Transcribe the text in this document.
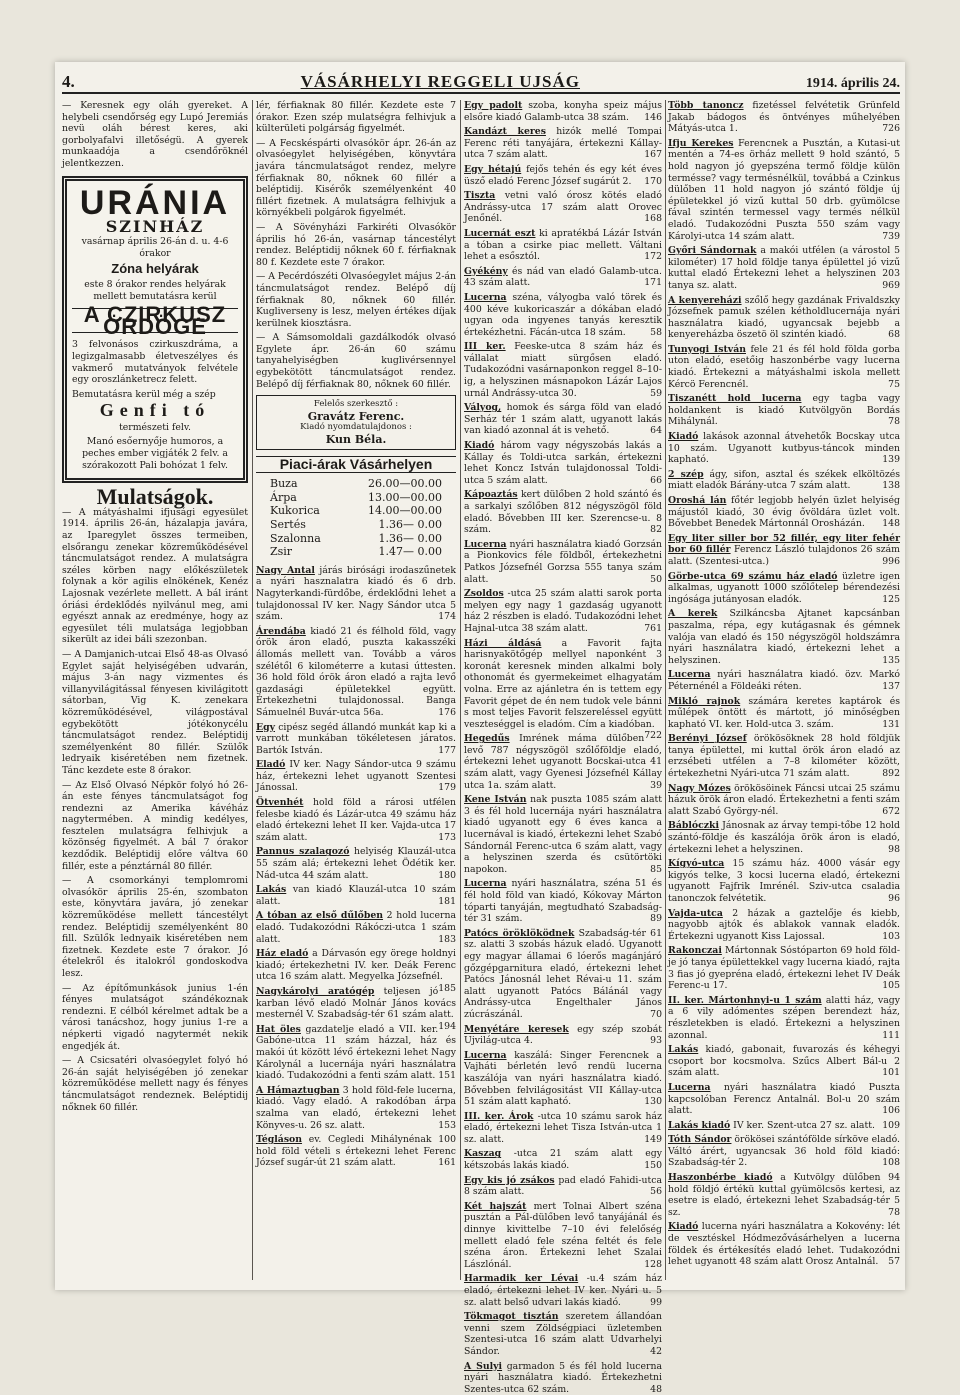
4.	VÁSÁRHELYI REGGELI UJSÁG	1914. április 24.

— Keresnek egy oláh gyereket. A helybeli csendőrség egy Lupó Jeremiás nevü oláh bérest keres, aki gorbolyafalvi illetőségü. A gyerek munkaadója a csendőröknél jelentkezzen.

URÁNIA
SZINHÁZ

vasárnap április 26-án d. u. 4-6 órakor

Zóna helyárak

este 8 órakor rendes helyárak mellett bemutatásra kerül

A CZIRKUSZ ÖRDÖGE

3 felvonásos czirkuszdráma, a legizgalmasabb életveszélyes és vakmerő mutatványok felvétele egy oroszlánketrecz felett.

Bemutatásra kerül még a szép

Genfi tó

természeti felv.

Manó esőernyője humoros, a peches ember vigjáték 2 felv. a szórakozott Pali bohózat 1 felv.

Mulatságok.

— A mátyáshalmi ifjusági egyesület 1914. április 26-án, házalapja javára, az Iparegylet összes termeiben, elsőrangu zenekar közreműködésével táncmulatságot rendez. A mulatságra széles körben nagy előkészületek folynak a kör agilis elnökének, Kenéz Lajosnak vezérlete mellett. A bál iránt óriási érdeklődés nyilvánul meg, ami egyészt annak az eredménye, hogy az egyesület téli mulatsága legjobban sikerült az idei báli szezonban.

— A Damjanich-utcai Első 48-as Olvasó Egylet saját helyiségében udvarán, május 3-án nagy vizmentes és villanyvilágitással fényesen kivilágitott sátorban, Vig K. zenekara közreműködésével, világpostával egybekötött jótékonycélu táncmulatságot rendez. Beléptidij személyenként 80 fillér. Szülők ledryaik kiséretében nem fizetnek. Tánc kezdete este 8 órakor.

— Az Első Olvasó Népkör folyó hó 26-án este fényes táncmulatságot fog rendezni az Amerika kávéház nagytermében. A mindig kedélyes, fesztelen mulatságra felhivjuk a közönség figyelmét. A bál 7 órakor kezdődik. Beléptidij előre váltva 60 fillér, este a pénztárnál 80 fillér.

— A csomorkányi templomromi olvasókör április 25-én, szombaton este, könyvtára javára, jó zenekar közreműködése mellett táncestélyt rendez. Beléptidij személyenként 80 fill. Szülők lednyaik kiséretében nem fizetnek. Kezdete este 7 órakor. Jó ételekről és italokról gondoskodva lesz.

— Az építőmunkások junius 1-én fényes mulatságot szándékoznak rendezni. E célból kérelmet adtak be a városi tanácshoz, hogy junius 1-re a népkerti vigadó nagytermét nekik engedjék át.

— A Csicsatéri olvasóegylet folyó hó 26-án saját helyiségében jó zenekar közreműködése mellett nagy és fényes táncmulatságot rendeznek. Beléptidij nőknek 60 fillér.

lér, férfiaknak 80 fillér. Kezdete este 7 órakor. Ezen szép mulatségra felhivjuk a külterületi polgárság figyelmét.

— A Fecskéspárti olvasókör ápr. 26-án az olvasóegylet helyiségében, könyvtára javára táncmulatságot rendez, melyre férfiaknak 80, nőknek 60 fillér a beléptidij. Kisérők személyenként 40 fillért fizetnek. A mulatságra felhivjuk a környékbeli polgárok figyelmét.

— A Sövényházi Farkiréti Olvasókör április hó 26-án, vasárnap táncestélyt rendez. Beléptidij nőknek 60 f. férfiaknak 80 f. Kezdete este 7 órakor.

— A Pecérdószéti Olvasóegylet május 2-án táncmulatságot rendez. Belépő díj férfiaknak 80, nőknek 60 fillér. Kugliverseny is lesz, melyen értékes díjak kerülnek kiosztásra.

— A Sámsomoldali gazdálkodók olvasó Egylete ápr. 26-án 60 számu tanyahelyiségben kuglivérsennyel egybekötött táncmulatságot rendez. Belépő díj férfiaknak 80, nőknek 60 fillér.

Felelős szerkesztő :
Gravátz Ferenc.
Kiadó nyomdatulajdonos :
Kun Béla.
Piaci-árak Vásárhelyen
Buza	26.00—00.00
Árpa	13.00—00.00
Kukorica	14.00—00.00
Sertés	1.36— 0.00
Szalonna	1.36— 0.00
Zsir	1.47— 0.00

Nagy Antal járás birósági irodaszűnetek a nyári hasznalatra kiadó és 6 drb. Nagyterkandi-fürdőbe, érdeklődni lehet a tulajdonossal IV ker. Nagy Sándor utca 5 szám.	174

Árendába kiadó 21 és félhold föld, vagy órök áron eladó, puszta kakasszéki állomás mellett van. Tovább a város szélétől 6 kilométerre a kutasi úttesten. 36 hold föld órök áron eladó a rajta levő gazdasági épületekkel együtt. Értekezhetni tulajdonossal. Banga Sámuelnél Buvár-utca 56a.	176

Egy cipész segéd állandó munkát kap ki a varrott munkában tökéletesen járatos. Bartók István.	177

Eladó IV ker. Nagy Sándor-utca 9 számu ház, értekezni lehet ugyanott Szentesi Jánossal.	179

Ötvenhét hold föld a rárosi utfélen felesbe kiadó és Lázár-utca 49 számu ház eladó értekezni lehet II ker. Vajda-utca 17 szám alatt.	173

Pannus szalagozó helyiség Klauzál-utca 55 szám alá; értekezni lehet Ödétik ker. Nád-utca 44 szám alatt.	180

Lakás van kiadó Klauzál-utca 10 szám alatt.	181

A tóban az első dűlőben 2 hold lucerna eladó. Tudakozódni Rákóczi-utca 1 szám alatt.	183

Ház eladó a Dárvasón egy örege holdnyi kiadó; értekezhetni IV. ker. Deák Ferenc utca 16 szám alatt. Megyelka Józsefnél.
185

Nagykárolyi aratógép teljesen jó karban lévő eladó Molnár János kovács mesternél V. Szabadság-tér 61 szám alatt.
194

Hat öles gazdatelje eladó a VII. ker. Gabóne-utca 11 szám házzal, ház és makói út között lévő értekezni lehet Nagy Károlynál a lucernája nyári használatra kiadó. Tudakozódni a fenti szám alatt. 151

A Hámaztugban 3 hold föld-fele lucerna, kiadó. Vagy eladó. A rakodóban árpa szalma van eladó, értekezni lehet Könyves-u. 26 sz. alatt.	153

Tégláson ev. Cegledi Mihálynénak 100 hold föld vételi s értekezni lehet Ferenc József sugár-út 21 szám alatt.	161

Egy padolt szoba, konyha speiz május elsőre kiadó Galamb-utca 38 szám. 146

Kandázt keres hizók mellé Tompai Ferenc réti tanyájára, értekezni Kállay-utca 7 szám alatt.	167

Egy hétajú fejős tehén és egy két éves üsző eladó Ferenc József sugárút 2. 170

Tiszta vetni való órosz kötés eladó Andrássy-utca 17 szám alatt Orovec Jenőnél.	168

Lucernát eszt ki apratékbá Lázár István a tóban a csirke piac mellett. Váltani lehet a esősztól.	172

Gyékény és nád van eladó Galamb-utca. 43 szám alatt.	171

Lucerna széna, vályogba való törek és 400 kéve kukoricaszár a dókában eladó ugyan oda ingyenes tanyás keresztik értekézhetni. Fácán-utca 18 szám.	58

III ker. Feeske-utca 8 szám ház és vállalat miatt sürgősen eladó. Tudakozódni vasárnaponkon reggel 8–10-ig, a helyszinen másnapokon Lázár Lajos urnál Andrássy-utca 30.	59

Vályog, homok és sárga föld van eladó Serház tér 1 szám alatt, ugyanott lakás van kiadó azonnal át is vehető.	64

Kiadó három vagy négyszobás lakás a Kállay és Toldi-utca sarkán, értekezni lehet Koncz István tulajdonossal Toldi-utca 5 szám alatt.	66

Kápoaztás kert dülőben 2 hold szántó és a sarkalyi szőlőben 812 négyszögöl föld eladó. Bővebben III ker. Szerencse-u. 8 szám.	82

Lucerna nyári használatra kiadó Gorzsán a Pionkovics féle földből, értekezhetni Patkos Józsefnél Gorzsa 555 tanya szám alatt.	50

Zsoldos -utca 25 szám alatti sarok porta melyen egy nagy 1 gazdaság ugyanott ház 2 részben is eladó. Tudakozódni lehet Hajnal-utca 38 szám alatt.	761

Házi áldásá a Favorit fajta harisnyakötőgép mellyel naponként 3 koronát keresnek minden alkalmi boly othonomát és gyermekeimet elhagyatám volna. Erre az ajánletra én is tettem egy Favorit gépet de én nem tudok vele bánni s most teljes Favorit felszereléssel együtt veszteséggel is eladóm. Cím a kiadóban.
722

Hegedűs Imrének máma dülőben levő 787 négyszögöl szőlőföldje eladó, értekezni lehet ugyanott Bocskai-utca 41 szám alatt, vagy Gyenesi Józsefnél Kállay utca 1a. szám alatt.	39

Kene István nak puszta 1085 szám alatt 3 és fél hold lucernája nyári használatra kiadó ugyanott egy 6 éves kanca a lucernával is kiadó, értekezni lehet Szabó Sándornál Ferenc-utca 6 szám alatt, vagy a helyszinen szerda és csütörtöki napokon.	85

Lucerna nyári használatra, széna 51 és fél hold föld van kiadó, Kókovay Márton tóparti tanyáján, megtudható Szabadság-tér 31 szám.	89

Patócs öröklöködnek Szabadság-tér 61 sz. alatti 3 szobás házuk eladó. Ugyanott egy magyar államai 6 lóerős magánjáró gőzgépgarnitura eladó, értekezni lehet Patócs Jánosnál lehet Révai-u 11. szám alatt ugyanott Patócs Bálánál vagy Andrássy-utca Engelthaler János zúcrászánál.	70

Menyétáre keresek egy szép szobát Ujvilág-utca 4.	93

Lucerna kaszálá: Singer Ferencnek a Vajháti bérletén levő rendü lucerna kaszálója van nyári használatra kiadó. Bővebben felvilágositást VII Kállay-utca 51 szám alatt kapható.	130

III. ker. Árok -utca 10 számu sarok ház eladó, értekezni lehet Tisza István-utca 1 sz. alatt.	149

Kaszag -utca 21 szám alatt egy kétszobás lakás kiadó.	150

Egy kis jó zsákos pad eladó Fahidi-utca 8 szám alatt.	56

Két hajszát mert Tolnai Albert széna pusztán a Pál-dülőben levő tanyájánál és dinnye kivittelbe 7–10 évi felelőség mellett eladó fele széna feltét és fele széna áron. Értekezni lehet Szalai Lászlónál.	128

Harmadik ker Lévai -u.4 szám ház eladó, értekezni lehet IV ker. Nyári u. 5 sz. alatt belső udvari lakás kiadó.	99

Tökmagot tisztán szeretem állandóan venni szem Zöldségpiaci üzletemben Szentesi-utca 16 szám alatt Udvarhelyi Sándor.	42

A Sulyi garmadon 5 és fél hold lucerna nyári használatra kiadó. Értekezhetni Szentes-utca 62 szám.	48

Több tanoncz fizetéssel felvétetik Grünfeld Jakab bádogos és öntvényes műhelyében Mátyás-utca 1.	726

Ifju Kerekes Ferencnek a Pusztán, a Kutasi-ut mentén a 74-es örház mellett 9 hold szántó, 5 hold nagyon jó gyepszéna termő földje külön termésse? vagy termésnélkül, továbbá a Czinkus dülőben 11 hold nagyon jó szántó földje új épületekkel jó vizű kuttal 50 drb. gyümölcse fával szintén termessel vagy termés nélkül eladó. Tudakozódni Puszta 550 szám vagy Károlyi-utca 14 szám alatt.	739

Győri Sándornak a makói utfélen (a várostol 5 kilométer) 17 hold földje tanya épülettel jó vizű kuttal eladó Értekezni lehet a helyszinen 203 tanya sz. alatt.	969

A kenyereházi szőlő hegy gazdának Frivaldszky Józsefnek pamuk szélen kétholdlucernája nyári használatra kiadó, ugyancsak bejebb a kenyereházba öszetö öl szintén kiadó.	68

Tunyogi István fele 21 és fél hold földa gorba uton eladó, esetőig haszonbérbe vagy lucerna kiadó. Értekezni a mátyáshalmi iskola mellett Kércö Ferencnél.	75

Tiszanétt hold lucerna egy tagba vagy holdankent is kiadó Kutvölgyön Bordás Mihálynál.	78

Kiadó lakások azonnal átvehetők Bocskay utca 10 szám. Ugyanott kutbyus-táncok minden kapható.	139

2 szép ágy, sifon, asztal és székek elköltözés miatt eladók Bárány-utca 7 szám alatt.	138

Oroshá lán főtér legjobb helyén üzlet helyiség májustól kiadó, 30 évig ővöldára üzlet volt. Bővebbet Benedek Mártonnál Orosházán. 148

Egy liter siller bor 52 fillér, egy liter fehér bor 60 fillér Ferencz László tulajdonos 26 szám alatt. (Szentesi-utca.)	996

Görbe-utca 69 számu ház eladó üzletre igen alkalmas, ugyanott 1000 szőlőtelep bérendezési ingósága jutányosan eladók.	125

A kerek Szilkáncsba Ajtanet kapcsánban paszalma, répa, egy kutágasnak és gémnek valója van eladó és 150 négyszögöl holdszámra nyári használatra kiadó, értekezni lehet a helyszinen.	135

Lucerna nyári használatra kiadó. özv. Markó Péternénél a Földeáki réten.	137

Mikló rajnok számára keretes kaptárok és műlépek öntött és mártott, jó minőségben kapható VI. ker. Hold-utca 3. szám.	131

Berényi József örökösöknek 28 hold földjük tanya épülettel, mi kuttal örök áron eladó az erzsébeti utfélen a 7–8 kilométer között, értekezhetni Nyári-utca 71 szám alatt.	892

Nagy Mózes örökösöinek Fáncsi utcai 25 számu házuk örök áron eladó. Értekezhetni a fenti szám alatt Szabó György-nél.	672

Báblóczki Jánosnak az árvay tempi-tőbe 12 hold szántó-földje és kaszálója örök áron is eladó, értekezni lehet a helyszinen.	98

Kígyó-utca 15 számu ház. 4000 vásár egy kigyós telke, 3 kocsi lucerna eladó, értekezni ugyanott Fajfrik Imrénél. Sziv-utca csaladia tanonczok felvétetik.	96

Vajda-utca 2 házak a gaztelője és kiebb, nagyobb ajtók és ablakok vannak eladók. Értekezni ugyanott Kiss Lajossal.	103

Rakonczai Mártonnak Sóstóparton 69 hold föld-je jó tanya épülettekkel vagy lucerna kiadó, rajta 3 fias jó gyepréna eladó, értekezni lehet IV Deák Ferenc-u 17.	105

II. ker. Mártonhnyi-u 1 szám alatti ház, vagy a 6 vily adómentes szépen berendezt ház, részletekben is eladó. Értekezni a helyszinen azonnal.	111

Lakás kiadó, gabonait, fuvarozás és kéhegyi csoport bor kocsmolva. Szűcs Albert Bál-u 2 szám alatt.	101

Lucerna nyári használatra kiadó Puszta kapcsolóban Ferencz Antalnál. Bol-u 20 szám alatt.	106

Lakás kiadó IV ker. Szent-utca 27 sz. alatt. 109

Tóth Sándor örökösei szántófölde sírköve eladó. Váltó árért, ugyancsak 36 hold föld kiadó: Szabadság-tér 2.	108

Haszonbérbe kiadó a Kutvölgy dülőben 94 hold földjó értékü kuttal gyümölcsös kertesi, az esetre is eladó, értekezni lehet Szabadság-tér 5 sz.	78

Kiadó lucerna nyári használatra a Kokovény: lét de vesztéskel Hódmezővásárhelyen a lucerna földek és értékesítés eladó lehet. Tudakozódni lehet ugyanott 48 szám alatt Orosz Antalnál. 57
